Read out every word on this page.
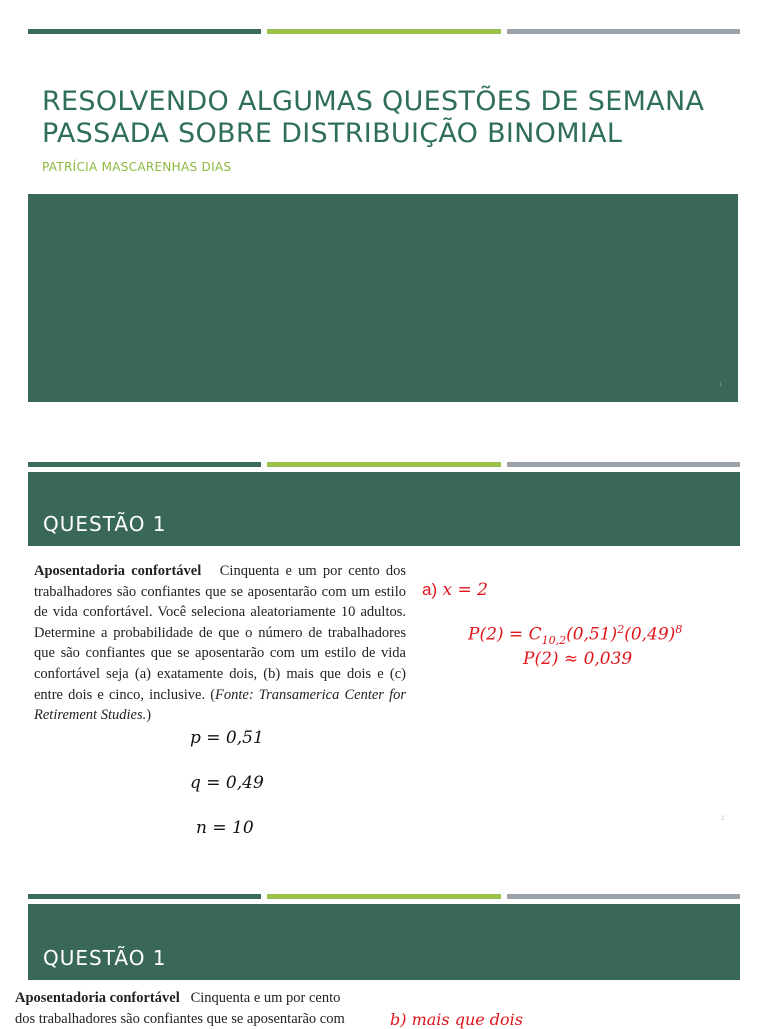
RESOLVENDO ALGUMAS QUESTÕES DE SEMANA
PASSADA SOBRE DISTRIBUIÇÃO BINOMIAL
PATRÍCIA MASCARENHAS DIAS
1
QUESTÃO 1
Aposentadoria confortável Cinquenta e um por cento dos trabalhadores são confiantes que se aposentarão com um estilo de vida confortável. Você seleciona aleatoriamente 10 adultos. Determine a probabilidade de que o número de trabalhadores que são confiantes que se aposentarão com um estilo de vida confortável seja (a) exatamente dois, (b) mais que dois e (c) entre dois e cinco, inclusive. (Fonte: Transamerica Center for Retirement Studies.)
p = 0,51
q = 0,49
n = 10
a) x = 2
$P(2) = C_{10,2}(0,51)^2(0,49)^8$
P(2) ≈ 0,039
2
QUESTÃO 1
Aposentadoria confortável Cinquenta e um por cento
dos trabalhadores são confiantes que se aposentarão com	b) mais que dois
